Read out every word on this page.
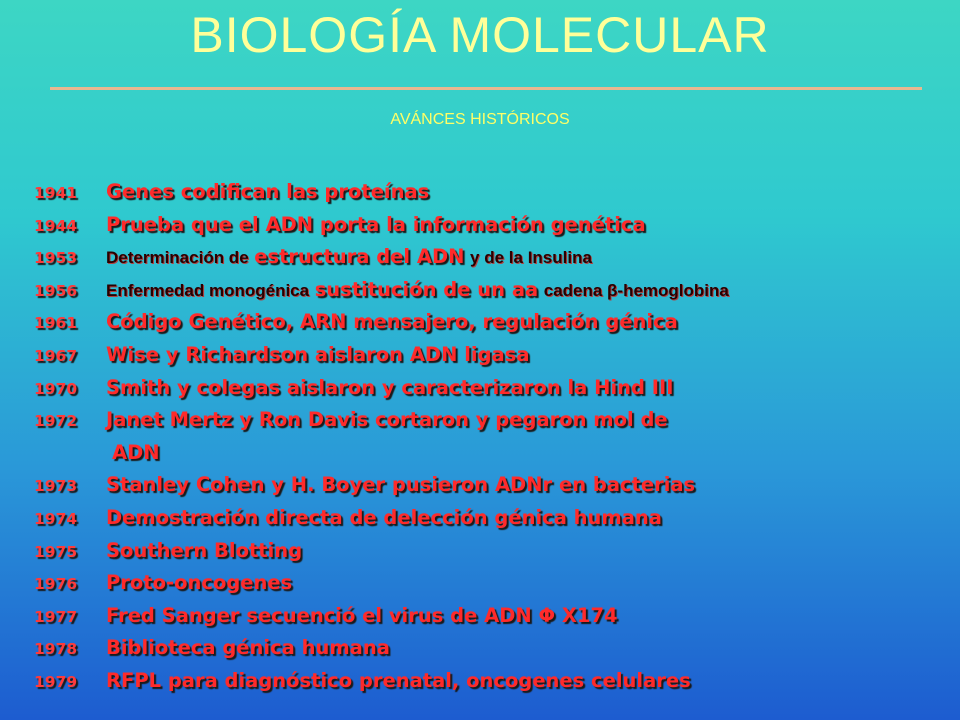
BIOLOGÍA MOLECULAR
AVÁNCES HISTÓRICOS
1941 Genes codifican las proteínas
1944 Prueba que el ADN porta la información genética
1953 Determinación de estructura del ADN y de la Insulina
1956 Enfermedad monogénica sustitución de un aa cadena β-hemoglobina
1961 Código Genético, ARN mensajero, regulación génica
1967 Wise y Richardson aislaron ADN ligasa
1970 Smith y colegas aislaron y caracterizaron la Hind III
1972 Janet Mertz y Ron Davis cortaron y pegaron mol de
ADN
1973 Stanley Cohen y H. Boyer pusieron ADNr en bacterias
1974 Demostración directa de delección génica humana
1975 Southern Blotting
1976 Proto-oncogenes
1977 Fred Sanger secuenció el virus de ADN Φ X174
1978 Biblioteca génica humana
1979 RFPL para diagnóstico prenatal, oncogenes celulares
